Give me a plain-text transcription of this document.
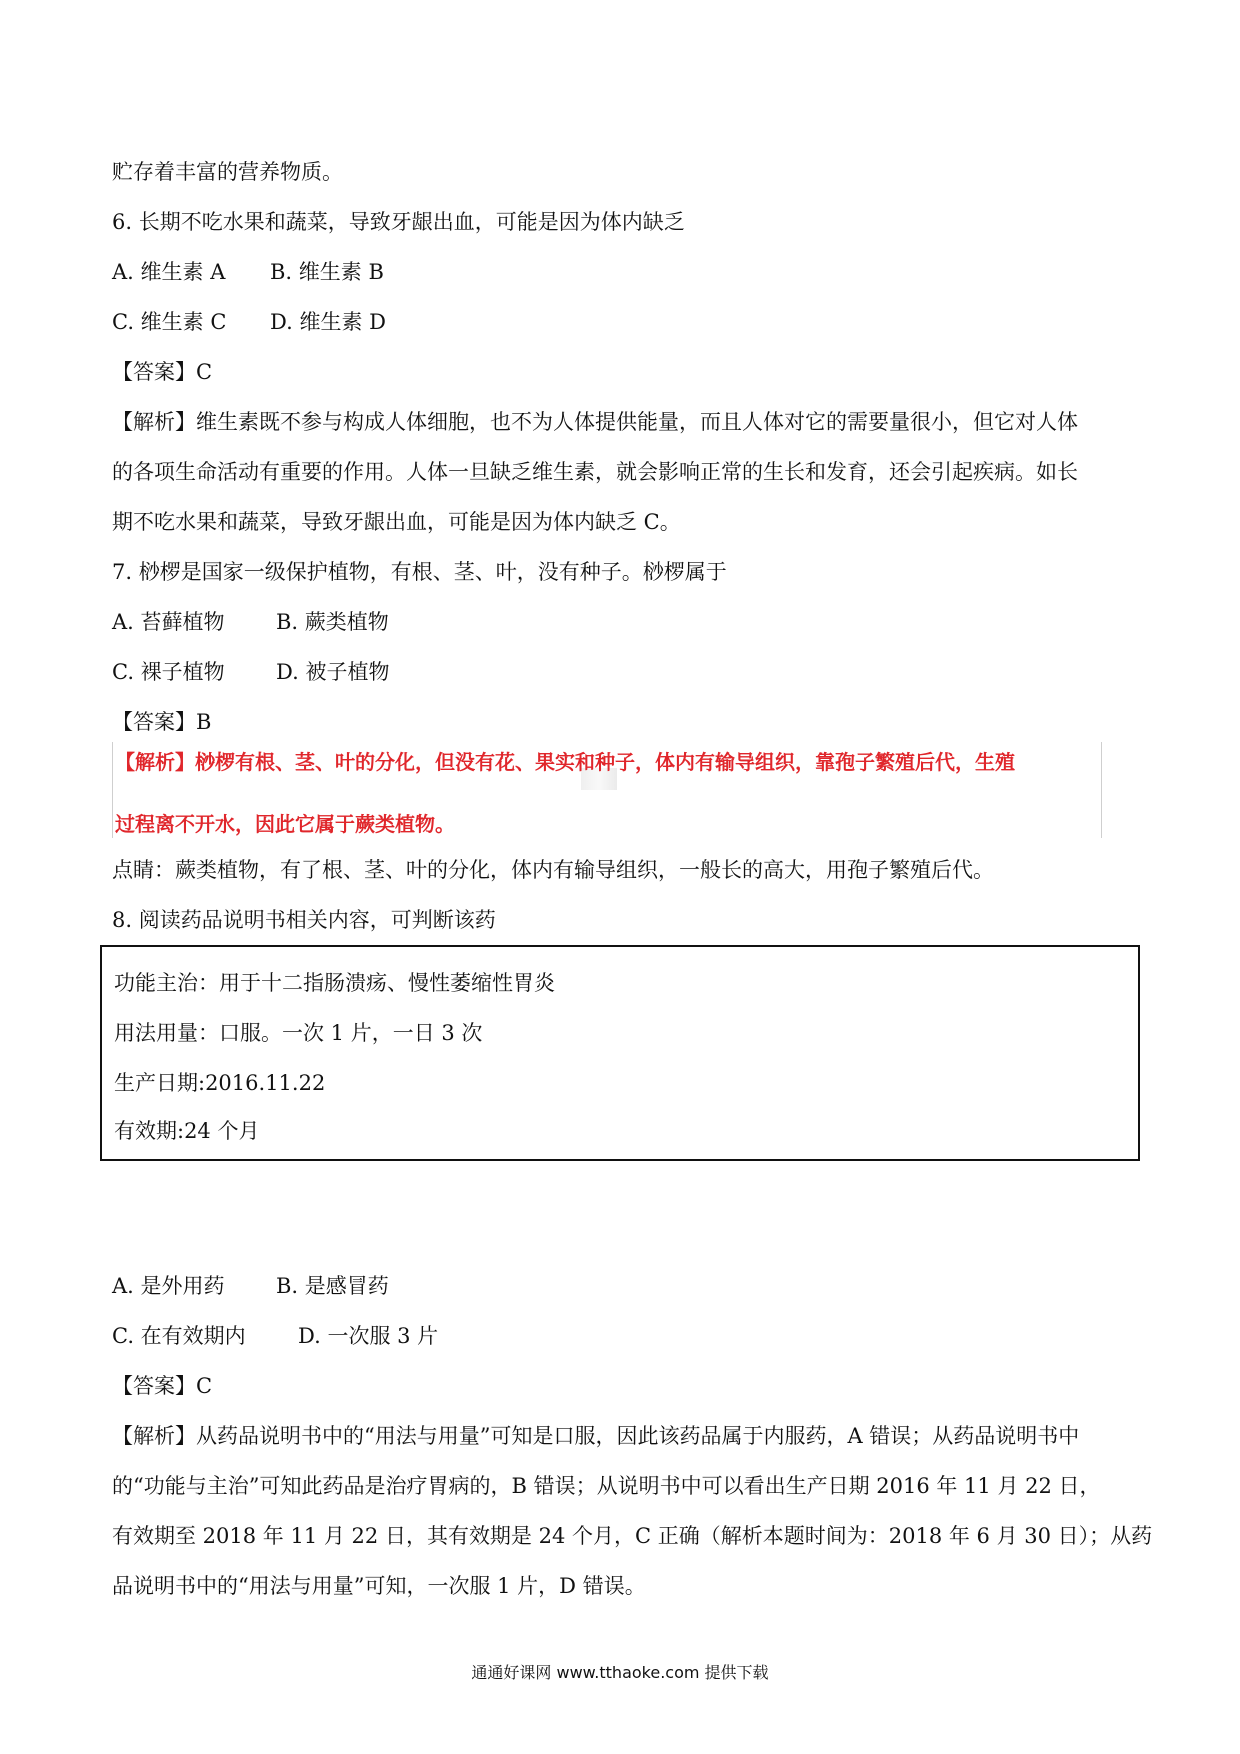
贮存着丰富的营养物质。
6. 长期不吃水果和蔬菜，导致牙龈出血，可能是因为体内缺乏
A. 维生素 A B. 维生素 B
C. 维生素 C D. 维生素 D
【答案】C
【解析】维生素既不参与构成人体细胞，也不为人体提供能量，而且人体对它的需要量很小，但它对人体
的各项生命活动有重要的作用。人体一旦缺乏维生素，就会影响正常的生长和发育，还会引起疾病。如长
期不吃水果和蔬菜，导致牙龈出血，可能是因为体内缺乏 C。
7. 桫椤是国家一级保护植物，有根、茎、叶，没有种子。桫椤属于
A. 苔藓植物 B. 蕨类植物
C. 裸子植物 D. 被子植物
【答案】B
【解析】桫椤有根、茎、叶的分化，但没有花、果实和种子，体内有输导组织，靠孢子繁殖后代，生殖
过程离不开水，因此它属于蕨类植物。
点睛：蕨类植物，有了根、茎、叶的分化，体内有输导组织，一般长的高大，用孢子繁殖后代。
8. 阅读药品说明书相关内容，可判断该药
功能主治：用于十二指肠溃疡、慢性萎缩性胃炎
用法用量：口服。一次 1 片，一日 3 次
生产日期:2016.11.22
有效期:24 个月
A. 是外用药 B. 是感冒药
C. 在有效期内 D. 一次服 3 片
【答案】C
【解析】从药品说明书中的“用法与用量”可知是口服，因此该药品属于内服药，A 错误；从药品说明书中
的“功能与主治”可知此药品是治疗胃病的，B 错误；从说明书中可以看出生产日期 2016 年 11 月 22 日，
有效期至 2018 年 11 月 22 日，其有效期是 24 个月，C 正确（解析本题时间为：2018 年 6 月 30 日）；从药
品说明书中的“用法与用量”可知，一次服 1 片，D 错误。
通通好课网 www.tthaoke.com 提供下载
